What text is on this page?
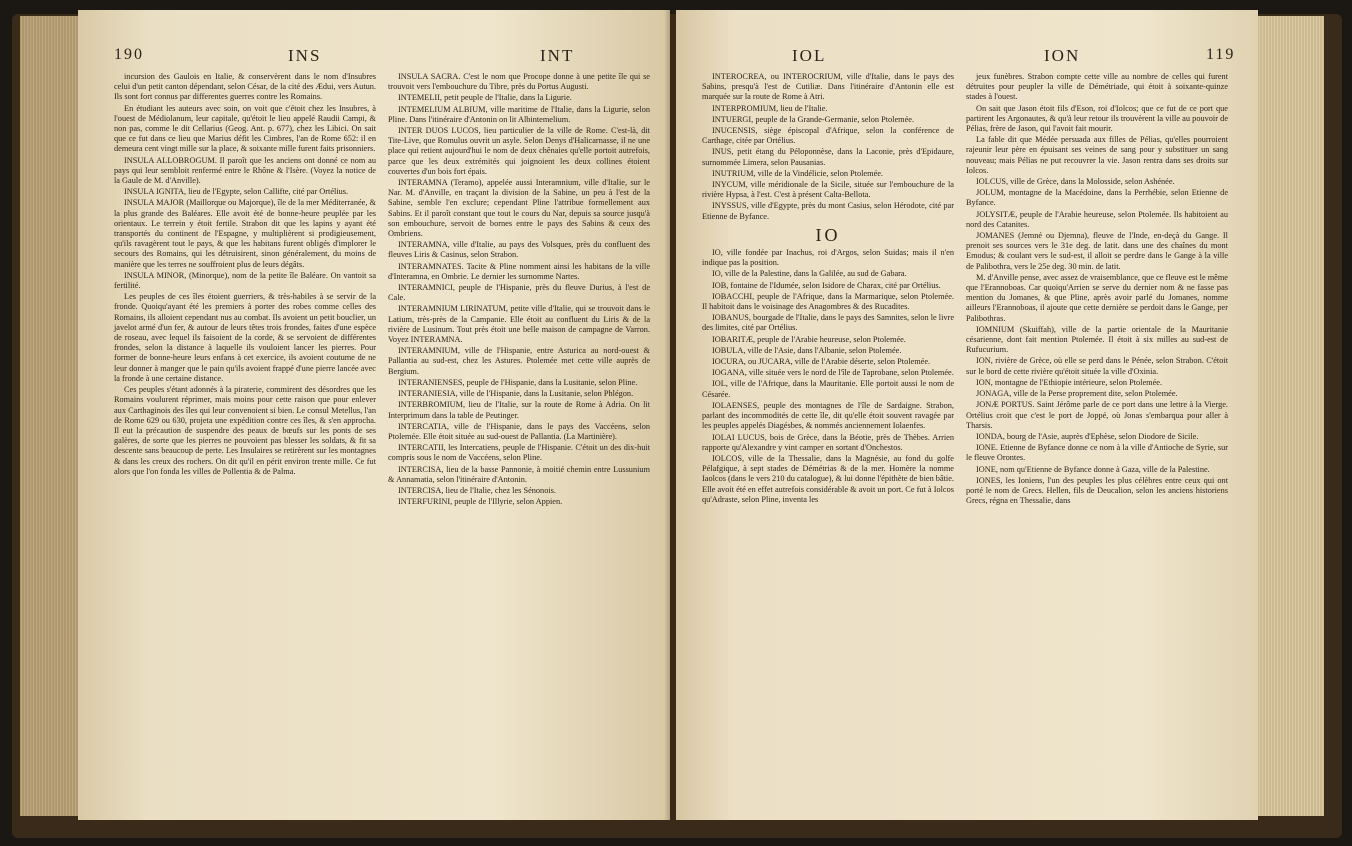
190	INS	INT

incursion des Gaulois en Italie, & conservèrent dans le nom d'Insubres celui d'un petit canton dépendant, selon César, de la cité des Ædui, vers Autun. Ils sont fort connus par differentes guerres contre les Romains.

En étudiant les auteurs avec soin, on voit que c'étoit chez les Insubres, à l'ouest de Médiolanum, leur capitale, qu'étoit le lieu appelé Raudii Campi, & non pas, comme le dit Cellarius (Geog. Ant. p. 677), chez les Libici. On sait que ce fut dans ce lieu que Marius défit les Cimbres, l'an de Rome 652: il en demeura cent vingt mille sur la place, & soixante mille furent faits prisonniers.

INSULA ALLOBROGUM. Il paroît que les anciens ont donné ce nom au pays qui leur sembloit renfermé entre le Rhône & l'Isère. (Voyez la notice de la Gaule de M. d'Anville).

INSULA IGNITA, lieu de l'Egypte, selon Callifte, cité par Ortélius.

INSULA MAJOR (Maillorque ou Majorque), île de la mer Méditerranée, & la plus grande des Baléares. Elle avoit été de bonne-heure peuplée par les orientaux. Le terrein y étoit fertile. Strabon dit que les lapins y ayant été transportés du continent de l'Espagne, y multiplièrent si prodigieusement, qu'ils ravagèrent tout le pays, & que les habitans furent obligés d'implorer le secours des Romains, qui les détruisirent, sinon généralement, du moins de manière que les terres ne souffroient plus de leurs dégâts.

INSULA MINOR, (Minorque), nom de la petite île Baléare. On vantoit sa fertilité.

Les peuples de ces îles étoient guerriers, & très-habiles à se servir de la fronde. Quoiqu'ayant été les premiers à porter des robes comme celles des Romains, ils alloient cependant nus au combat. Ils avoient un petit bouclier, un javelot armé d'un fer, & autour de leurs têtes trois frondes, faites d'une espèce de roseau, avec lequel ils faisoient de la corde, & se servoient de différentes frondes, selon la distance à laquelle ils vouloient lancer les pierres. Pour former de bonne-heure leurs enfans à cet exercice, ils avoient coutume de ne leur donner à manger que le pain qu'ils avoient frappé d'une pierre lancée avec la fronde à une certaine distance.

Ces peuples s'étant adonnés à la piraterie, commirent des désordres que les Romains voulurent réprimer, mais moins pour cette raison que pour enlever aux Carthaginois des îles qui leur convenoient si bien. Le consul Metellus, l'an de Rome 629 ou 630, projeta une expédition contre ces îles, & s'en approcha. Il eut la précaution de suspendre des peaux de bœufs sur les ponts de ses galères, de sorte que les pierres ne pouvoient pas blesser les soldats, & fit sa descente sans beaucoup de perte. Les Insulaires se retirèrent sur les montagnes & dans les creux des rochers. On dit qu'il en périt environ trente mille. Ce fut alors que l'on fonda les villes de Pollentia & de Palma.

INSULA SACRA. C'est le nom que Procope donne à une petite île qui se trouvoit vers l'embouchure du Tibre, près du Portus Augusti.

INTEMELII, petit peuple de l'Italie, dans la Ligurie.

INTEMELIUM ALBIUM, ville maritime de l'Italie, dans la Ligurie, selon Pline. Dans l'itinéraire d'Antonin on lit Albintemelium.

INTER DUOS LUCOS, lieu particulier de la ville de Rome. C'est-là, dit Tite-Live, que Romulus ouvrit un asyle. Selon Denys d'Halicarnasse, il ne une place qui retient aujourd'hui le nom de deux chênaies qu'elle portoit autrefois, parce que les deux extrémités qui joignoient les deux collines étoient couvertes d'un bois fort épais.

INTERAMNA (Teramo), appelée aussi Interamnium, ville d'Italie, sur le Nar. M. d'Anville, en traçant la division de la Sabine, un peu à l'est de la Sabine, semble l'en exclure; cependant Pline l'attribue formellement aux Sabins. Et il paroît constant que tout le cours du Nar, depuis sa source jusqu'à son embouchure, servoit de bornes entre le pays des Sabins & ceux des Ombriens.

INTERAMNA, ville d'Italie, au pays des Volsques, près du confluent des fleuves Liris & Casinus, selon Strabon.

INTERAMNATES. Tacite & Pline nomment ainsi les habitans de la ville d'Interamna, en Ombrie. Le dernier les surnomme Nartes.

INTERAMNICI, peuple de l'Hispanie, près du fleuve Durius, à l'est de Cale.

INTERAMNIUM LIRINATUM, petite ville d'Italie, qui se trouvoit dans le Latium, très-près de la Campanie. Elle étoit au confluent du Liris & de la rivière de Lusinum. Tout près étoit une belle maison de campagne de Varron. Voyez INTERAMNA.

INTERAMNIUM, ville de l'Hispanie, entre Asturica au nord-ouest & Pallantia au sud-est, chez les Astures. Ptolemée met cette ville auprès de Bergium.

INTERANIENSES, peuple de l'Hispanie, dans la Lusitanie, selon Pline.

INTERANIESIA, ville de l'Hispanie, dans la Lusitanie, selon Phlégon.

INTERBROMIUM, lieu de l'Italie, sur la route de Rome à Adria. On lit Interprimum dans la table de Peutinger.

INTERCATIA, ville de l'Hispanie, dans le pays des Vaccéens, selon Ptolemée. Elle étoit située au sud-ouest de Pallantia. (La Martinière).

INTERCATII, les Intercatiens, peuple de l'Hispanie. C'étoit un des dix-huit compris sous le nom de Vaccéens, selon Pline.

INTERCISA, lieu de la basse Pannonie, à moitié chemin entre Lussunium & Annamatia, selon l'itinéraire d'Antonin.

INTERCISA, lieu de l'Italie, chez les Sénonois.

INTERFURINI, peuple de l'Illyrie, selon Appien.

IOL	ION	119

INTEROCREA, ou INTEROCRIUM, ville d'Italie, dans le pays des Sabins, presqu'à l'est de Cutiliæ. Dans l'itinéraire d'Antonin elle est marquée sur la route de Rome à Atri.

INTERPROMIUM, lieu de l'Italie.

INTUERGI, peuple de la Grande-Germanie, selon Ptolemée.

INUCENSIS, siège épiscopal d'Afrique, selon la conférence de Carthage, citée par Ortélius.

INUS, petit étang du Péloponnèse, dans la Laconie, près d'Epidaure, surnommée Limera, selon Pausanias.

INUTRIUM, ville de la Vindélicie, selon Ptolemée.

INYCUM, ville méridionale de la Sicile, située sur l'embouchure de la rivière Hypsa, à l'est. C'est à présent Calta-Bellota.

INYSSUS, ville d'Egypte, près du mont Casius, selon Hérodote, cité par Etienne de Byfance.

IO

IO, ville fondée par Inachus, roi d'Argos, selon Suidas; mais il n'en indique pas la position.

IO, ville de la Palestine, dans la Galilée, au sud de Gabara.

IOB, fontaine de l'Idumée, selon Isidore de Charax, cité par Ortélius.

IOBACCHI, peuple de l'Afrique, dans la Marmarique, selon Ptolemée. Il habitoit dans le voisinage des Anagombres & des Rucadites.

IOBANUS, bourgade de l'Italie, dans le pays des Samnites, selon le livre des limites, cité par Ortélius.

IOBARITÆ, peuple de l'Arabie heureuse, selon Ptolemée.

IOBULA, ville de l'Asie, dans l'Albanie, selon Ptolemée.

IOCURA, ou JUCARA, ville de l'Arabie déserte, selon Ptolemée.

IOGANA, ville située vers le nord de l'île de Taprobane, selon Ptolemée.

IOL, ville de l'Afrique, dans la Mauritanie. Elle portoit aussi le nom de Césarée.

IOLAENSES, peuple des montagnes de l'île de Sardaigne. Strabon, parlant des incommodités de cette île, dit qu'elle étoit souvent ravagée par les peuples appelés Diagésbes, & nommés anciennement Iolaenfes.

IOLAI LUCUS, bois de Grèce, dans la Béotie, près de Thèbes. Arrien rapporte qu'Alexandre y vint camper en sortant d'Onchestos.

IOLCOS, ville de la Thessalie, dans la Magnésie, au fond du golfe Pélafgique, à sept stades de Démétrias & de la mer. Homère la nomme Iaolcos (dans le vers 210 du catalogue), & lui donne l'épithète de bien bâtie. Elle avoit été en effet autrefois considérable & avoit un port. Ce fut à Iolcos qu'Adraste, selon Pline, inventa les

jeux funèbres. Strabon compte cette ville au nombre de celles qui furent détruites pour peupler la ville de Démétriade, qui étoit à soixante-quinze stades à l'ouest.

On sait que Jason étoit fils d'Eson, roi d'Iolcos; que ce fut de ce port que partirent les Argonautes, & qu'à leur retour ils trouvèrent la ville au pouvoir de Pélias, frère de Jason, qui l'avoit fait mourir.

La fable dit que Médée persuada aux filles de Pélias, qu'elles pourroient rajeunir leur père en épuisant ses veines de sang pour y substituer un sang nouveau; mais Pélias ne put recouvrer la vie. Jason rentra dans ses droits sur Iolcos.

IOLCUS, ville de Grèce, dans la Molosside, selon Ashénée.

JOLUM, montagne de la Macédoine, dans la Perrhébie, selon Etienne de Byfance.

JOLYSITÆ, peuple de l'Arabie heureuse, selon Ptolemée. Ils habitoient au nord des Catanites.

JOMANES (Jemné ou Djemna), fleuve de l'Inde, en-deçà du Gange. Il prenoit ses sources vers le 31e deg. de latit. dans une des chaînes du mont Emodus; & coulant vers le sud-est, il alloit se perdre dans le Gange à la ville de Palibothra, vers le 25e deg. 30 min. de latit.

M. d'Anville pense, avec assez de vraisemblance, que ce fleuve est le même que l'Erannoboas. Car quoiqu'Arrien se serve du dernier nom & ne fasse pas mention du Jomanes, & que Pline, après avoir parlé du Jomanes, nomme ailleurs l'Erannoboas, il ajoute que cette dernière se perdoit dans le Gange, per Palibothras.

IOMNIUM (Skuiffah), ville de la partie orientale de la Mauritanie césarienne, dont fait mention Ptolemée. Il étoit à six milles au sud-est de Rufucurium.

ION, rivière de Grèce, où elle se perd dans le Pénée, selon Strabon. C'étoit sur le bord de cette rivière qu'étoit située la ville d'Oxinia.

ION, montagne de l'Ethiopie intérieure, selon Ptolemée.

JONAGA, ville de la Perse proprement dite, selon Ptolemée.

JONÆ PORTUS. Saint Jérôme parle de ce port dans une lettre à la Vierge. Ortélius croit que c'est le port de Joppé, où Jonas s'embarqua pour aller à Tharsis.

IONDA, bourg de l'Asie, auprès d'Ephèse, selon Diodore de Sicile.

IONE. Etienne de Byfance donne ce nom à la ville d'Antioche de Syrie, sur le fleuve Orontes.

IONE, nom qu'Etienne de Byfance donne à Gaza, ville de la Palestine.

IONES, les Ioniens, l'un des peuples les plus célèbres entre ceux qui ont porté le nom de Grecs. Hellen, fils de Deucalion, selon les anciens historiens Grecs, régna en Thessalie, dans
